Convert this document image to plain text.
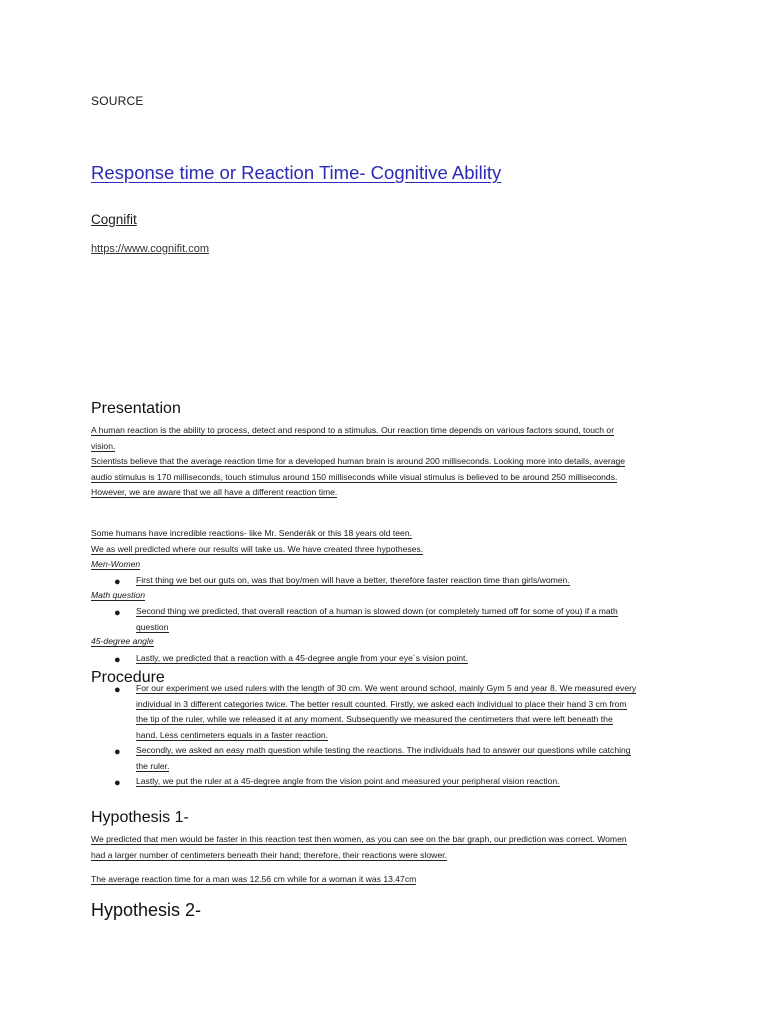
SOURCE
Response time or Reaction Time- Cognitive Ability
Cognifit
https://www.cognifit.com
Presentation
A human reaction is the ability to process, detect and respond to a stimulus. Our reaction time depends on various factors sound, touch or
vision.
Scientists believe that the average reaction time for a developed human brain is around 200 milliseconds. Looking more into details, average
audio stimulus is 170 milliseconds, touch stimulus around 150 milliseconds while visual stimulus is believed to be around 250 milliseconds.
However, we are aware that we all have a different reaction time.
Some humans have incredible reactions- like Mr. Senderák or this 18 years old teen.
We as well predicted where our results will take us. We have created three hypotheses.
Men-Women
● First thing we bet our guts on, was that boy/men will have a better, therefore faster reaction time than girls/women.
Math question
● Second thing we predicted, that overall reaction of a human is slowed down (or completely turned off for some of you) if a math
question
45-degree angle
● Lastly, we predicted that a reaction with a 45-degree angle from your eye´s vision point.
Procedure
● For our experiment we used rulers with the length of 30 cm. We went around school, mainly Gym 5 and year 8. We measured every
individual in 3 different categories twice. The better result counted. Firstly, we asked each individual to place their hand 3 cm from
the tip of the ruler, while we released it at any moment. Subsequently we measured the centimeters that were left beneath the
hand. Less centimeters equals in a faster reaction.
● Secondly, we asked an easy math question while testing the reactions. The individuals had to answer our questions while catching
the ruler.
● Lastly, we put the ruler at a 45-degree angle from the vision point and measured your peripheral vision reaction.
Hypothesis 1-
We predicted that men would be faster in this reaction test then women, as you can see on the bar graph, our prediction was correct. Women
had a larger number of centimeters beneath their hand; therefore, their reactions were slower.
The average reaction time for a man was 12.56 cm while for a woman it was 13.47cm
Hypothesis 2-
